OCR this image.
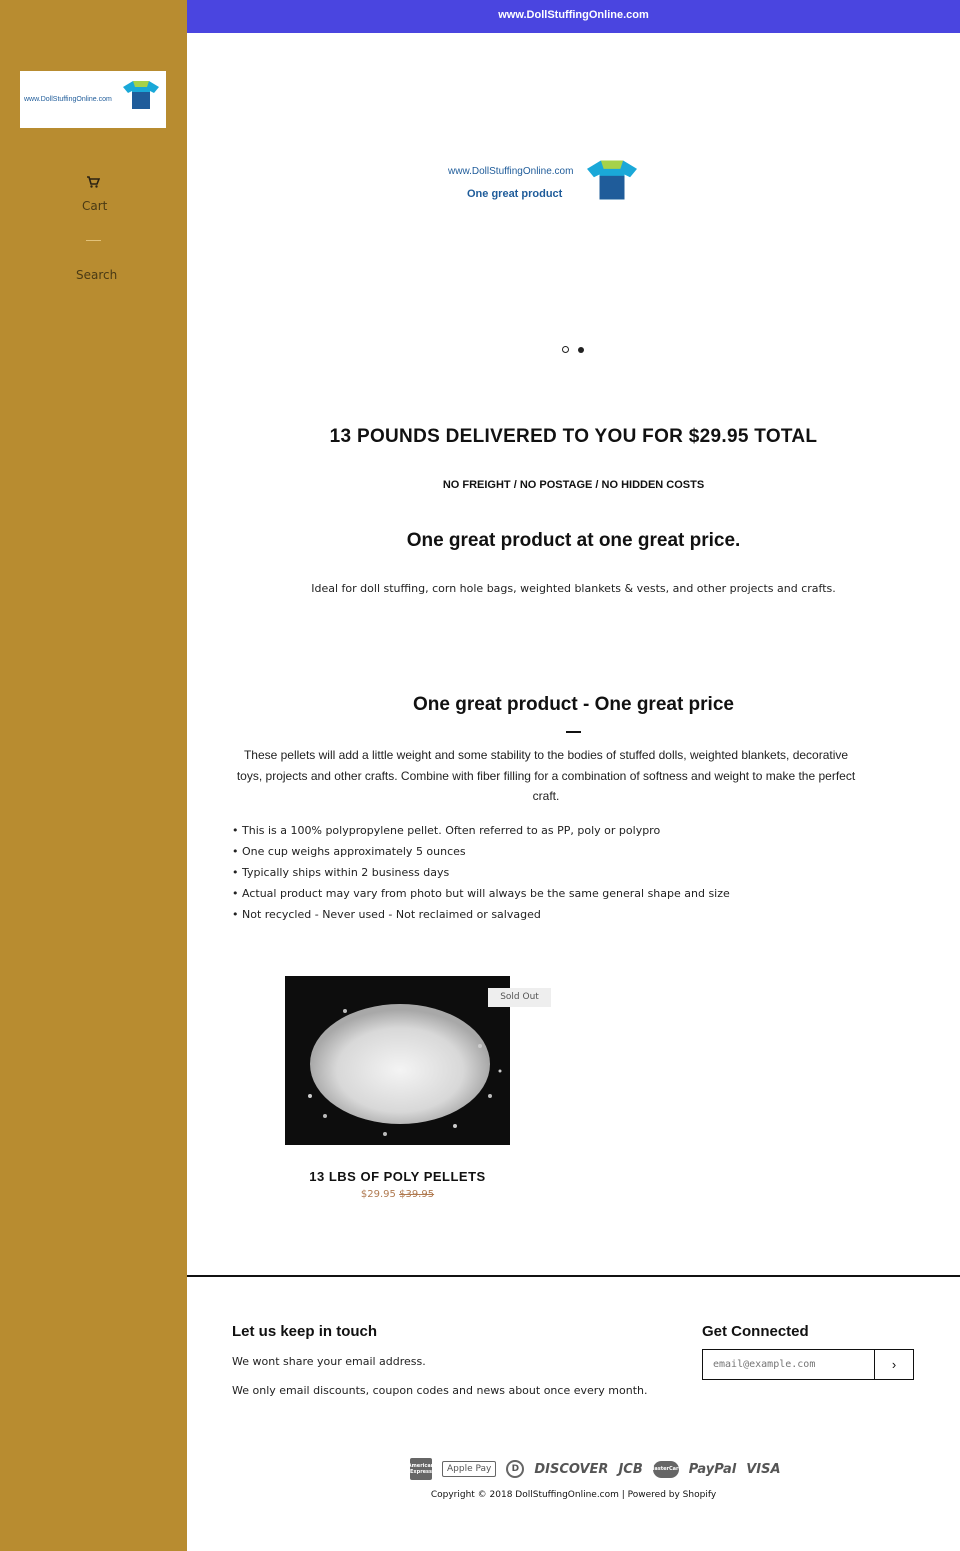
www.DollStuffingOnline.com
Cart
Search
www.DollStuffingOnline.com
www.DollStuffingOnline.com
One great product
13 POUNDS DELIVERED TO YOU FOR $29.95 TOTAL
NO FREIGHT / NO POSTAGE / NO HIDDEN COSTS
One great product at one great price.
Ideal for doll stuffing, corn hole bags, weighted blankets & vests, and other projects and crafts.
One great product - One great price
These pellets will add a little weight and some stability to the bodies of stuffed dolls, weighted blankets, decorative toys, projects and other crafts. Combine with fiber filling for a combination of softness and weight to make the perfect craft.
• This is a 100% polypropylene pellet. Often referred to as PP, poly or polypro
• One cup weighs approximately 5 ounces
• Typically ships within 2 business days
• Actual product may vary from photo but will always be the same general shape and size
• Not recycled - Never used - Not reclaimed or salvaged
Sold Out
13 LBS OF POLY PELLETS
$29.95 $39.95
Let us keep in touch
We wont share your email address.
We only email discounts, coupon codes and news about once every month.
Get Connected
email@example.com
›
American Express	Apple Pay	D	DISCOVER JCB MasterCard PayPal VISA
Copyright © 2018 DollStuffingOnline.com | Powered by Shopify
